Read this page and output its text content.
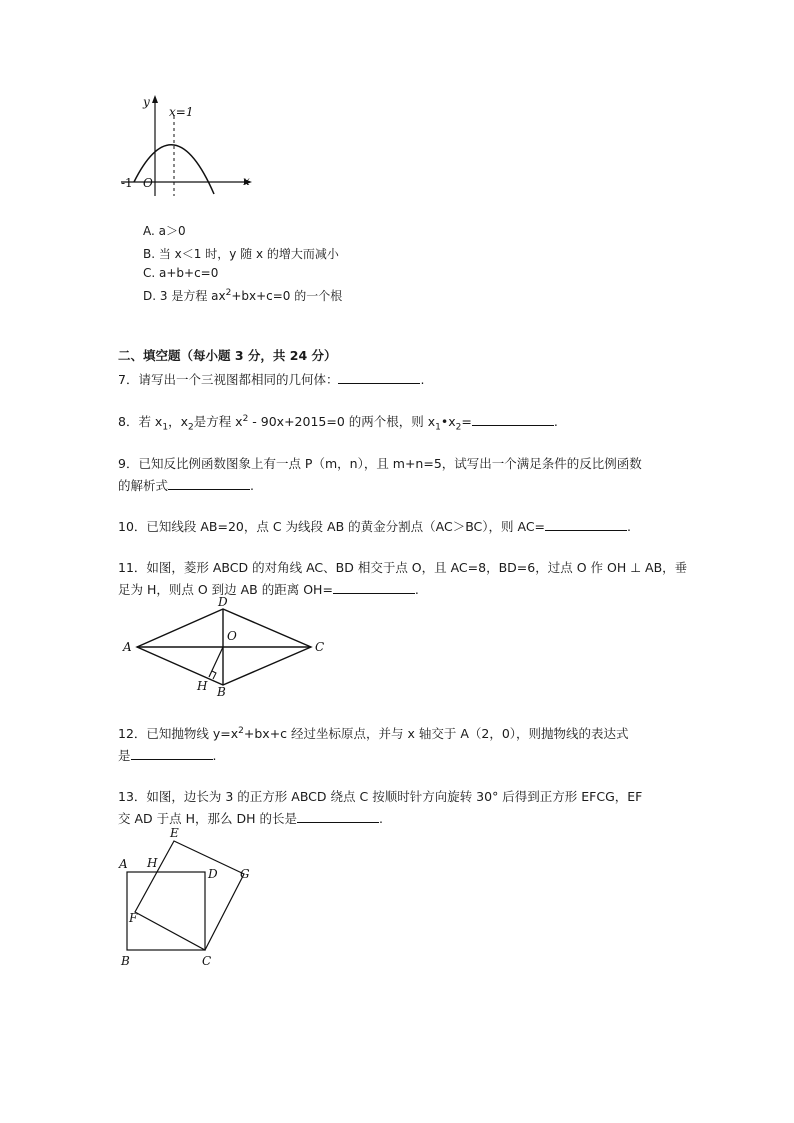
y
x
x=1
O
-1
A. a＞0
B. 当 x＜1 时，y 随 x 的增大而减小
C. a+b+c=0
D. 3 是方程 $ax^2+bx+c=0$ 的一个根
二、填空题（每小题 3 分，共 24 分）
7．请写出一个三视图都相同的几何体：	.
8．若 $x_1$，$x_2$是方程 $x^2 - 90x+2015=0$ 的两个根，则 $x_1•x_2=$	.
9．已知反比例函数图象上有一点 P（m，n），且 m+n=5，试写出一个满足条件的反比例函数
的解析式	.
10．已知线段 AB=20，点 C 为线段 AB 的黄金分割点（AC＞BC），则 AC=	.
11．如图，菱形 ABCD 的对角线 AC、BD 相交于点 O，且 AC=8，BD=6，过点 O 作 OH ⊥ AB，垂
足为 H，则点 O 到边 AB 的距离 OH=	.
A
D
C
B
O
H
12．已知抛物线 $y=x^2+bx+c$ 经过坐标原点，并与 x 轴交于 A（2，0），则抛物线的表达式
是	.
13．如图，边长为 3 的正方形 ABCD 绕点 C 按顺时针方向旋转 30° 后得到正方形 EFCG，EF
交 AD 于点 H，那么 DH 的长是	.
A H
E
D G
F
B	C
